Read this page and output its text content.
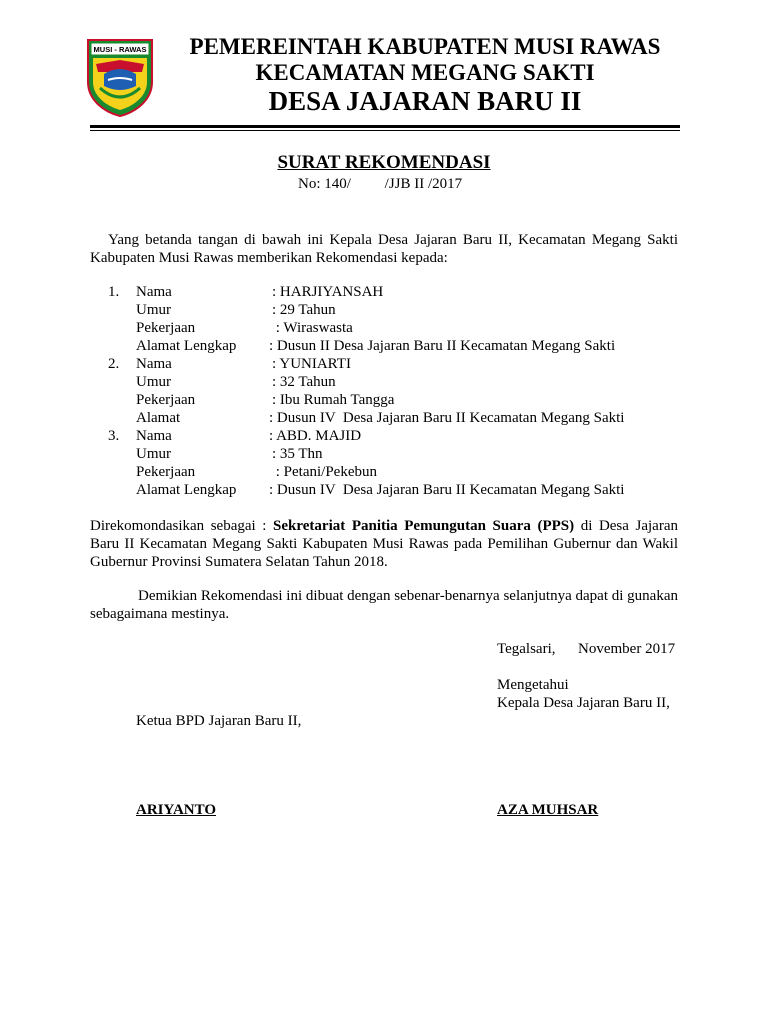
MUSI - RAWAS	PEMEREINTAH KABUPATEN MUSI RAWAS
KECAMATAN MEGANG SAKTI
DESA JAJARAN BARU II
SURAT REKOMENDASI
No: 140/         /JJB II /2017
Yang betanda tangan di bawah ini Kepala Desa Jajaran Baru II, Kecamatan Megang Sakti Kabupaten Musi Rawas memberikan Rekomendasi kepada:
1. Nama	: HARJIYANSAH
Umur	: 29 Tahun
Pekerjaan	: Wiraswasta
Alamat Lengkap : Dusun II Desa Jajaran Baru II Kecamatan Megang Sakti
2. Nama	: YUNIARTI
Umur	: 32 Tahun
Pekerjaan	: Ibu Rumah Tangga
Alamat	: Dusun IV  Desa Jajaran Baru II Kecamatan Megang Sakti
3. Nama	: ABD. MAJID
Umur	: 35 Thn
Pekerjaan	: Petani/Pekebun
Alamat Lengkap : Dusun IV  Desa Jajaran Baru II Kecamatan Megang Sakti
Direkomondasikan sebagai : Sekretariat Panitia Pemungutan Suara (PPS) di Desa Jajaran Baru II Kecamatan Megang Sakti Kabupaten Musi Rawas pada Pemilihan Gubernur dan Wakil Gubernur Provinsi Sumatera Selatan Tahun 2018.
Demikian Rekomendasi ini dibuat dengan sebenar-benarnya selanjutnya dapat di gunakan sebagaimana mestinya.
Tegalsari,      November 2017
Mengetahui
Kepala Desa Jajaran Baru II,
Ketua BPD Jajaran Baru II,
ARIYANTO	AZA MUHSAR
